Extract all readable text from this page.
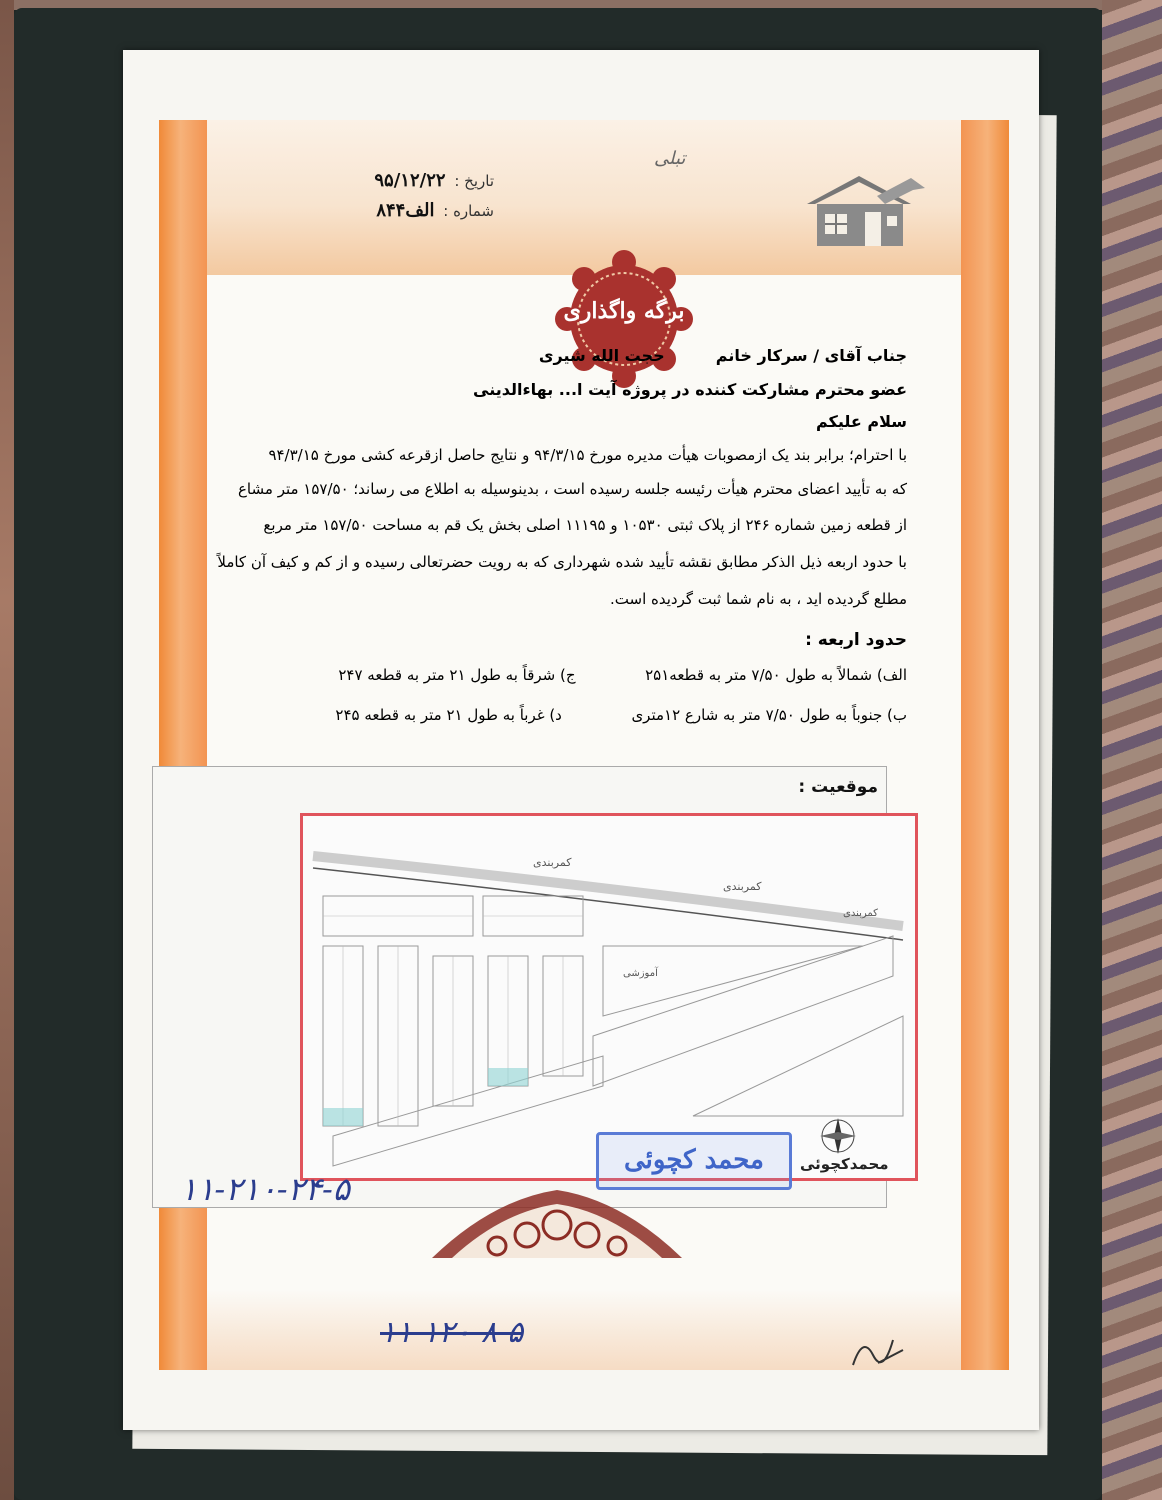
تبلی
تاریخ : ۹۵/۱۲/۲۲
شماره : الف۸۴۴
برگه واگذاری
جناب آقای / سرکار خانم  حجت الله شیری
عضو محترم مشارکت کننده در پروژه آیت ا... بهاءالدینی
سلام علیکم
با احترام؛ برابر بند یک ازمصوبات هیأت مدیره مورخ ۹۴/۳/۱۵ و نتایج حاصل ازقرعه کشی مورخ ۹۴/۳/۱۵
که به تأیید اعضای محترم هیأت رئیسه جلسه رسیده است ، بدینوسیله به اطلاع می رساند؛ ۱۵۷/۵۰ متر مشاع
از قطعه زمین شماره ۲۴۶ از پلاک ثبتی ۱۰۵۳۰ و ۱۱۱۹۵ اصلی بخش یک قم به مساحت ۱۵۷/۵۰ متر مربع
با حدود اربعه ذیل الذکر مطابق نقشه تأیید شده شهرداری که به رویت حضرتعالی رسیده و از کم و کیف آن کاملاً
مطلع گردیده اید ، به نام شما ثبت گردیده است.
حدود اربعه :
الف) شمالاً به طول ۷/۵۰ متر به قطعه۲۵۱  ج) شرقاً به طول ۲۱ متر به قطعه ۲۴۷
ب) جنوباً به طول ۷/۵۰ متر به شارع ۱۲متری  د) غرباً به طول ۲۱ متر به قطعه ۲۴۵
کمربندی
کمربندی
کمربندی
آموزشی
موقعیت :
محمدکچوئی
محمد کچوئی
۱۱-۲۱۰-۲۴-۵
۱۱-۱۲۰-۸-۵
